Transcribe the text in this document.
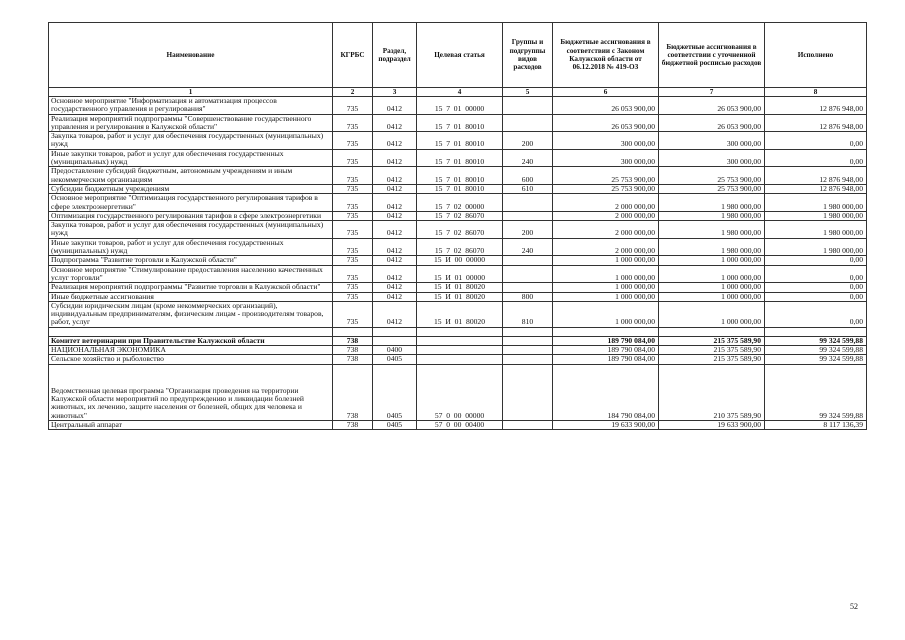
Наименование	КГРБС	Раздел, подраздел	Целевая статья	Группы и подгруппы видов расходов	Бюджетные ассигнования в соответствии с Законом Калужской области от 06.12.2018 № 419-ОЗ	Бюджетные ассигнования в соответствии с уточненной бюджетной росписью расходов	Исполнено
1	2	3	4	5	6	7	8
Основное мероприятие "Информатизация и автоматизация процессов государственного управления и регулирования"	735	0412	15  7  01  00000		26 053 900,00	26 053 900,00	12 876 948,00
Реализация мероприятий подпрограммы "Совершенствование государственного управления и регулирования в Калужской области"	735	0412	15  7  01  80010		26 053 900,00	26 053 900,00	12 876 948,00
Закупка товаров, работ и услуг для обеспечения государственных (муниципальных) нужд	735	0412	15  7  01  80010	200	300 000,00	300 000,00	0,00
Иные закупки товаров, работ и услуг для обеспечения государственных (муниципальных) нужд	735	0412	15  7  01  80010	240	300 000,00	300 000,00	0,00
Предоставление субсидий бюджетным, автономным учреждениям и иным некоммерческим организациям	735	0412	15  7  01  80010	600	25 753 900,00	25 753 900,00	12 876 948,00
Субсидии бюджетным учреждениям	735	0412	15  7  01  80010	610	25 753 900,00	25 753 900,00	12 876 948,00
Основное мероприятие "Оптимизация государственного регулирования тарифов в сфере электроэнергетики"	735	0412	15  7  02  00000		2 000 000,00	1 980 000,00	1 980 000,00
Оптимизация государственного регулирования тарифов в сфере электроэнергетики	735	0412	15  7  02  86070		2 000 000,00	1 980 000,00	1 980 000,00
Закупка товаров, работ и услуг для обеспечения государственных (муниципальных) нужд	735	0412	15  7  02  86070	200	2 000 000,00	1 980 000,00	1 980 000,00
Иные закупки товаров, работ и услуг для обеспечения государственных (муниципальных) нужд	735	0412	15  7  02  86070	240	2 000 000,00	1 980 000,00	1 980 000,00
Подпрограмма "Развитие торговли в Калужской области"	735	0412	15  И  00  00000		1 000 000,00	1 000 000,00	0,00
Основное мероприятие "Стимулирование предоставления населению качественных услуг торговли"	735	0412	15  И  01  00000		1 000 000,00	1 000 000,00	0,00
Реализация мероприятий подпрограммы "Развитие торговли в Калужской области"	735	0412	15  И  01  80020		1 000 000,00	1 000 000,00	0,00
Иные бюджетные ассигнования	735	0412	15  И  01  80020	800	1 000 000,00	1 000 000,00	0,00
Субсидии юридическим лицам (кроме некоммерческих организаций), индивидуальным предпринимателям, физическим лицам - производителям товаров, работ, услуг	735	0412	15  И  01  80020	810	1 000 000,00	1 000 000,00	0,00

Комитет ветеринарии при Правительстве Калужской области	738				189 790 084,00	215 375 589,90	99 324 599,88
НАЦИОНАЛЬНАЯ ЭКОНОМИКА	738	0400			189 790 084,00	215 375 589,90	99 324 599,88
Сельское хозяйство и рыболовство	738	0405			189 790 084,00	215 375 589,90	99 324 599,88
Ведомственная целевая программа "Организация проведения на территории Калужской области мероприятий по предупреждению и ликвидации болезней животных, их лечению, защите населения от болезней, общих для человека и животных"	738	0405	57  0  00  00000		184 790 084,00	210 375 589,90	99 324 599,88
Центральный аппарат	738	0405	57  0  00  00400		19 633 900,00	19 633 900,00	8 117 136,39
52
